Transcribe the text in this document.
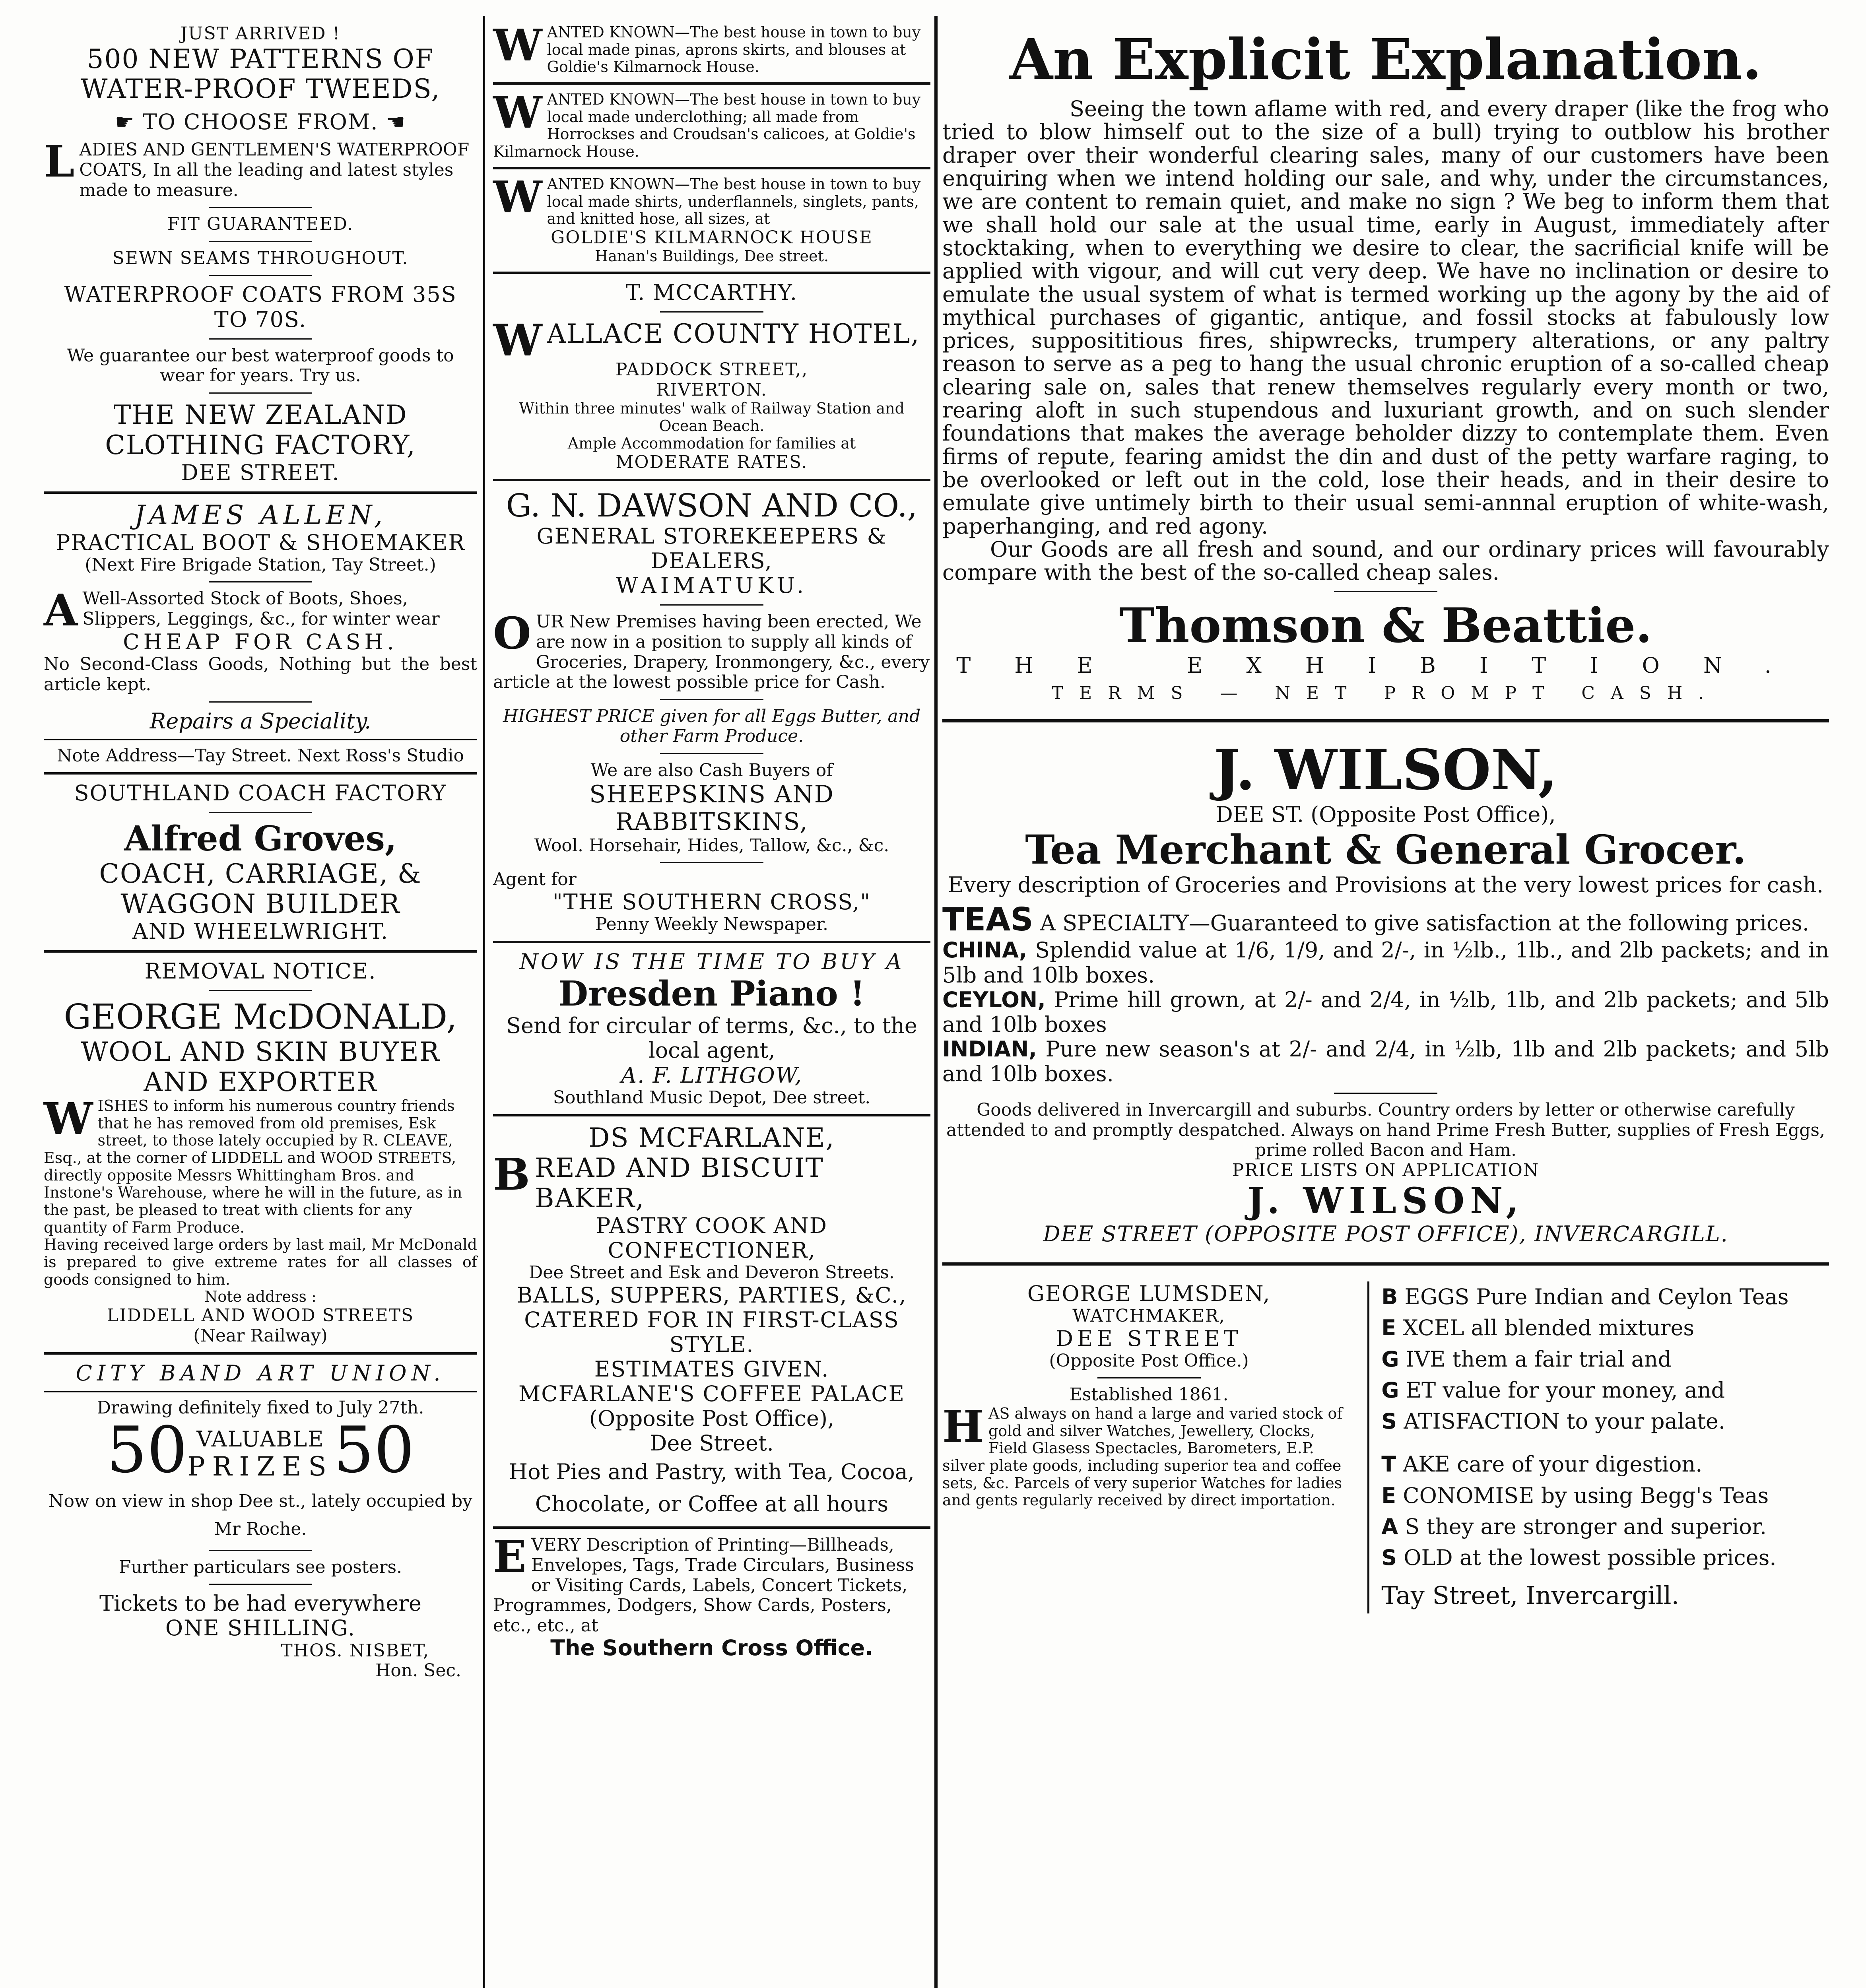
JUST ARRIVED !

500 NEW PATTERNS OF WATER-PROOF TWEEDS,

☛ TO CHOOSE FROM. ☚

L ADIES AND GENTLEMEN'S WATERPROOF COATS, In all the leading and latest styles made to measure.

FIT GUARANTEED.

SEWN SEAMS THROUGHOUT.

WATERPROOF COATS FROM 35S TO 70S.

We guarantee our best waterproof goods to wear for years. Try us.

THE NEW ZEALAND CLOTHING FACTORY,

DEE STREET.

JAMES ALLEN,

PRACTICAL BOOT & SHOEMAKER

(Next Fire Brigade Station, Tay Street.)

A Well-Assorted Stock of Boots, Shoes, Slippers, Leggings, &c., for winter wear

CHEAP FOR CASH.

No Second-Class Goods, Nothing but the best article kept.

Repairs a Speciality.

Note Address—Tay Street. Next Ross's Studio

SOUTHLAND COACH FACTORY

Alfred Groves,

COACH, CARRIAGE, & WAGGON BUILDER

AND WHEELWRIGHT.

REMOVAL NOTICE.

GEORGE McDONALD,

WOOL AND SKIN BUYER AND EXPORTER

W ISHES to inform his numerous country friends that he has removed from old premises, Esk street, to those lately occupied by R. CLEAVE, Esq., at the corner of LIDDELL and WOOD STREETS, directly opposite Messrs Whittingham Bros. and Instone's Warehouse, where he will in the future, as in the past, be pleased to treat with clients for any quantity of Farm Produce.

Having received large orders by last mail, Mr McDonald is prepared to give extreme rates for all classes of goods consigned to him.

Note address :

LIDDELL AND WOOD STREETS

(Near Railway)

CITY BAND ART UNION.

Drawing definitely fixed to July 27th.

50 VALUABLE
PRIZES 50

Now on view in shop Dee st., lately occupied by Mr Roche.

Further particulars see posters.

Tickets to be had everywhere

ONE SHILLING.

THOS. NISBET,

Hon. Sec.

W ANTED KNOWN—The best house in town to buy local made pinas, aprons skirts, and blouses at Goldie's Kilmarnock House.
W ANTED KNOWN—The best house in town to buy local made underclothing; all made from Horrockses and Croudsan's calicoes, at Goldie's Kilmarnock House.
W ANTED KNOWN—The best house in town to buy local made shirts, underflannels, singlets, pants, and knitted hose, all sizes, at

GOLDIE'S KILMARNOCK HOUSE

Hanan's Buildings, Dee street.

T. MCCARTHY.

W ALLACE COUNTY HOTEL,

PADDOCK STREET,,

RIVERTON.

Within three minutes' walk of Railway Station and Ocean Beach.

Ample Accommodation for families at

MODERATE RATES.

G. N. DAWSON AND CO.,

GENERAL STOREKEEPERS & DEALERS,

WAIMATUKU.

O UR New Premises having been erected, We are now in a position to supply all kinds of Groceries, Drapery, Ironmongery, &c., every article at the lowest possible price for Cash.

HIGHEST PRICE given for all Eggs Butter, and other Farm Produce.

We are also Cash Buyers of

SHEEPSKINS AND RABBITSKINS,

Wool. Horsehair, Hides, Tallow, &c., &c.

Agent for

"THE SOUTHERN CROSS,"

Penny Weekly Newspaper.

NOW IS THE TIME TO BUY A

Dresden Piano !

Send for circular of terms, &c., to the local agent,

A. F. LITHGOW,

Southland Music Depot, Dee street.

DS MCFARLANE,

B READ AND BISCUIT BAKER,

PASTRY COOK AND CONFECTIONER,

Dee Street and Esk and Deveron Streets.

BALLS, SUPPERS, PARTIES, &C., CATERED FOR IN FIRST-CLASS STYLE.

ESTIMATES GIVEN.

MCFARLANE'S COFFEE PALACE

(Opposite Post Office),

Dee Street.

Hot Pies and Pastry, with Tea, Cocoa, Chocolate, or Coffee at all hours

E VERY Description of Printing—Billheads, Envelopes, Tags, Trade Circulars, Business or Visiting Cards, Labels, Concert Tickets, Programmes, Dodgers, Show Cards, Posters, etc., etc., at

The Southern Cross Office.

An Explicit Explanation.

Seeing the town aflame with red, and every draper (like the frog who tried to blow himself out to the size of a bull) trying to outblow his brother draper over their wonderful clearing sales, many of our customers have been enquiring when we intend holding our sale, and why, under the circumstances, we are content to remain quiet, and make no sign ? We beg to inform them that we shall hold our sale at the usual time, early in August, immediately after stocktaking, when to everything we desire to clear, the sacrificial knife will be applied with vigour, and will cut very deep. We have no inclination or desire to emulate the usual system of what is termed working up the agony by the aid of mythical purchases of gigantic, antique, and fossil stocks at fabulously low prices, supposititious fires, shipwrecks, trumpery alterations, or any paltry reason to serve as a peg to hang the usual chronic eruption of a so-called cheap clearing sale on, sales that renew themselves regularly every month or two, rearing aloft in such stupendous and luxuriant growth, and on such slender foundations that makes the average beholder dizzy to contemplate them. Even firms of repute, fearing amidst the din and dust of the petty warfare raging, to be overlooked or left out in the cold, lose their heads, and in their desire to emulate give untimely birth to their usual semi-annnal eruption of white-wash, paperhanging, and red agony.

Our Goods are all fresh and sound, and our ordinary prices will favourably compare with the best of the so-called cheap sales.

Thomson & Beattie.

THE EXHIBITION.

TERMS — NET PROMPT CASH.

J. WILSON,

DEE ST. (Opposite Post Office),

Tea Merchant & General Grocer.

Every description of Groceries and Provisions at the very lowest prices for cash.

TEAS A SPECIALTY—Guaranteed to give satisfaction at the following prices.

CHINA, Splendid value at 1/6, 1/9, and 2/-, in ½lb., 1lb., and 2lb packets; and in 5lb and 10lb boxes.

CEYLON, Prime hill grown, at 2/- and 2/4, in ½lb, 1lb, and 2lb packets; and 5lb and 10lb boxes

INDIAN, Pure new season's at 2/- and 2/4, in ½lb, 1lb and 2lb packets; and 5lb and 10lb boxes.

Goods delivered in Invercargill and suburbs. Country orders by letter or otherwise carefully attended to and promptly despatched. Always on hand Prime Fresh Butter, supplies of Fresh Eggs, prime rolled Bacon and Ham.

PRICE LISTS ON APPLICATION

J. WILSON,

DEE STREET (OPPOSITE POST OFFICE), INVERCARGILL.

GEORGE LUMSDEN,

WATCHMAKER,

DEE STREET

(Opposite Post Office.)

Established 1861.

H AS always on hand a large and varied stock of gold and silver Watches, Jewellery, Clocks, Field Glasess Spectacles, Barometers, E.P. silver plate goods, including superior tea and coffee sets, &c. Parcels of very superior Watches for ladies and gents regularly received by direct importation.

B EGGS Pure Indian and Ceylon Teas

E XCEL all blended mixtures

G IVE them a fair trial and

G ET value for your money, and

S ATISFACTION to your palate.

T AKE care of your digestion.

E CONOMISE by using Begg's Teas

A S they are stronger and superior.

S OLD at the lowest possible prices.

Tay Street, Invercargill.
